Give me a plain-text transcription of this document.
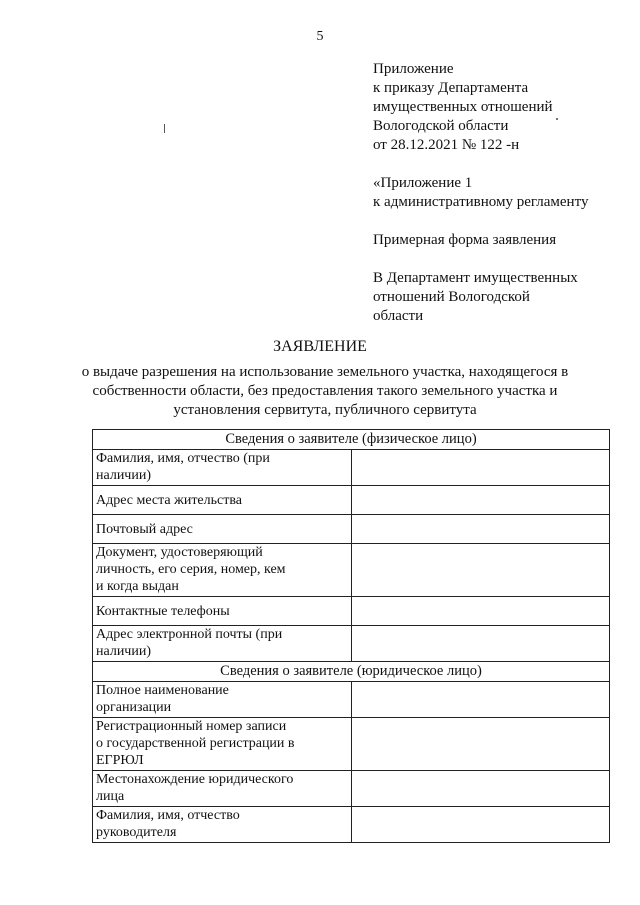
5
Приложение
к приказу Департамента
имущественных отношений
Вологодской области
от 28.12.2021 № 122 -н
«Приложение 1
к административному регламенту
Примерная форма заявления
В Департамент имущественных
отношений Вологодской
области
ЗАЯВЛЕНИЕ
о выдаче разрешения на использование земельного участка, находящегося в
собственности области, без предоставления такого земельного участка и
установления сервитута, публичного сервитута
Сведения о заявителе (физическое лицо)	

Фамилия, имя, отчество (при
наличии)	

Адрес места жительства	

Почтовый адрес	

Документ, удостоверяющий
личность, его серия, номер, кем
и когда выдан	

Контактные телефоны	

Адрес электронной почты (при
наличии)	

Сведения о заявителе (юридическое лицо)	

Полное наименование
организации	

Регистрационный номер записи
о государственной регистрации в
ЕГРЮЛ	

Местонахождение юридического
лица	

Фамилия, имя, отчество
руководителя	
